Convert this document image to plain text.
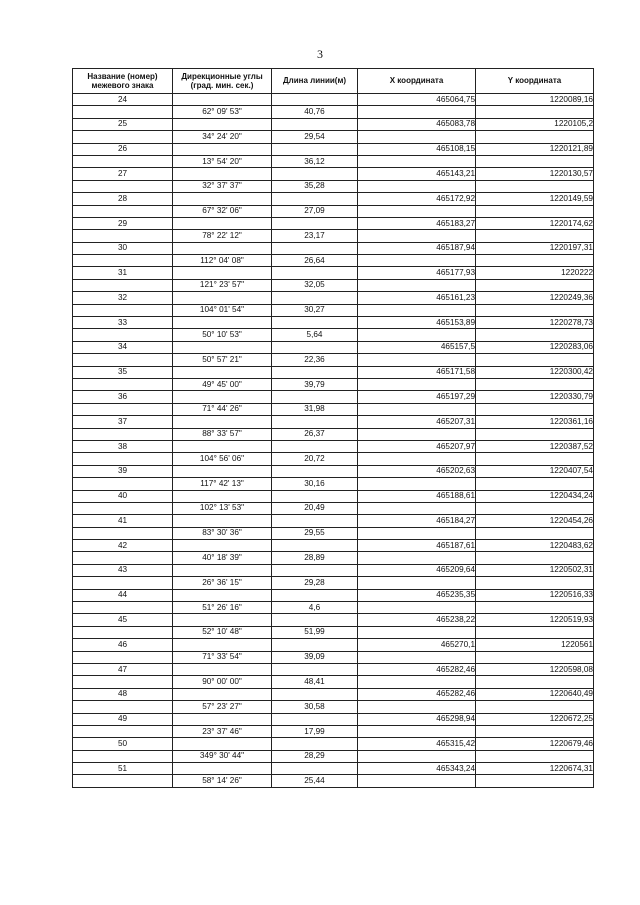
3
Название (номер) межевого знака	Дирекционные углы (град. мин. сек.)	Длина линии(м)	X координата	Y координата
24			465064,75	1220089,16
	62° 09' 53"	40,76		
25			465083,78	1220105,2
	34° 24' 20"	29,54		
26			465108,15	1220121,89
	13° 54' 20"	36,12		
27			465143,21	1220130,57
	32° 37' 37"	35,28		
28			465172,92	1220149,59
	67° 32' 06"	27,09		
29			465183,27	1220174,62
	78° 22' 12"	23,17		
30			465187,94	1220197,31
	112° 04' 08"	26,64		
31			465177,93	1220222
	121° 23' 57"	32,05		
32			465161,23	1220249,36
	104° 01' 54"	30,27		
33			465153,89	1220278,73
	50° 10' 53"	5,64		
34			465157,5	1220283,06
	50° 57' 21"	22,36		
35			465171,58	1220300,42
	49° 45' 00"	39,79		
36			465197,29	1220330,79
	71° 44' 26"	31,98		
37			465207,31	1220361,16
	88° 33' 57"	26,37		
38			465207,97	1220387,52
	104° 56' 06"	20,72		
39			465202,63	1220407,54
	117° 42' 13"	30,16		
40			465188,61	1220434,24
	102° 13' 53"	20,49		
41			465184,27	1220454,26
	83° 30' 36"	29,55		
42			465187,61	1220483,62
	40° 18' 39"	28,89		
43			465209,64	1220502,31
	26° 36' 15"	29,28		
44			465235,35	1220516,33
	51° 26' 16"	4,6		
45			465238,22	1220519,93
	52° 10' 48"	51,99		
46			465270,1	1220561
	71° 33' 54"	39,09		
47			465282,46	1220598,08
	90° 00' 00"	48,41		
48			465282,46	1220640,49
	57° 23' 27"	30,58		
49			465298,94	1220672,25
	23° 37' 46"	17,99		
50			465315,42	1220679,46
	349° 30' 44"	28,29		
51			465343,24	1220674,31
	58° 14' 26"	25,44		
